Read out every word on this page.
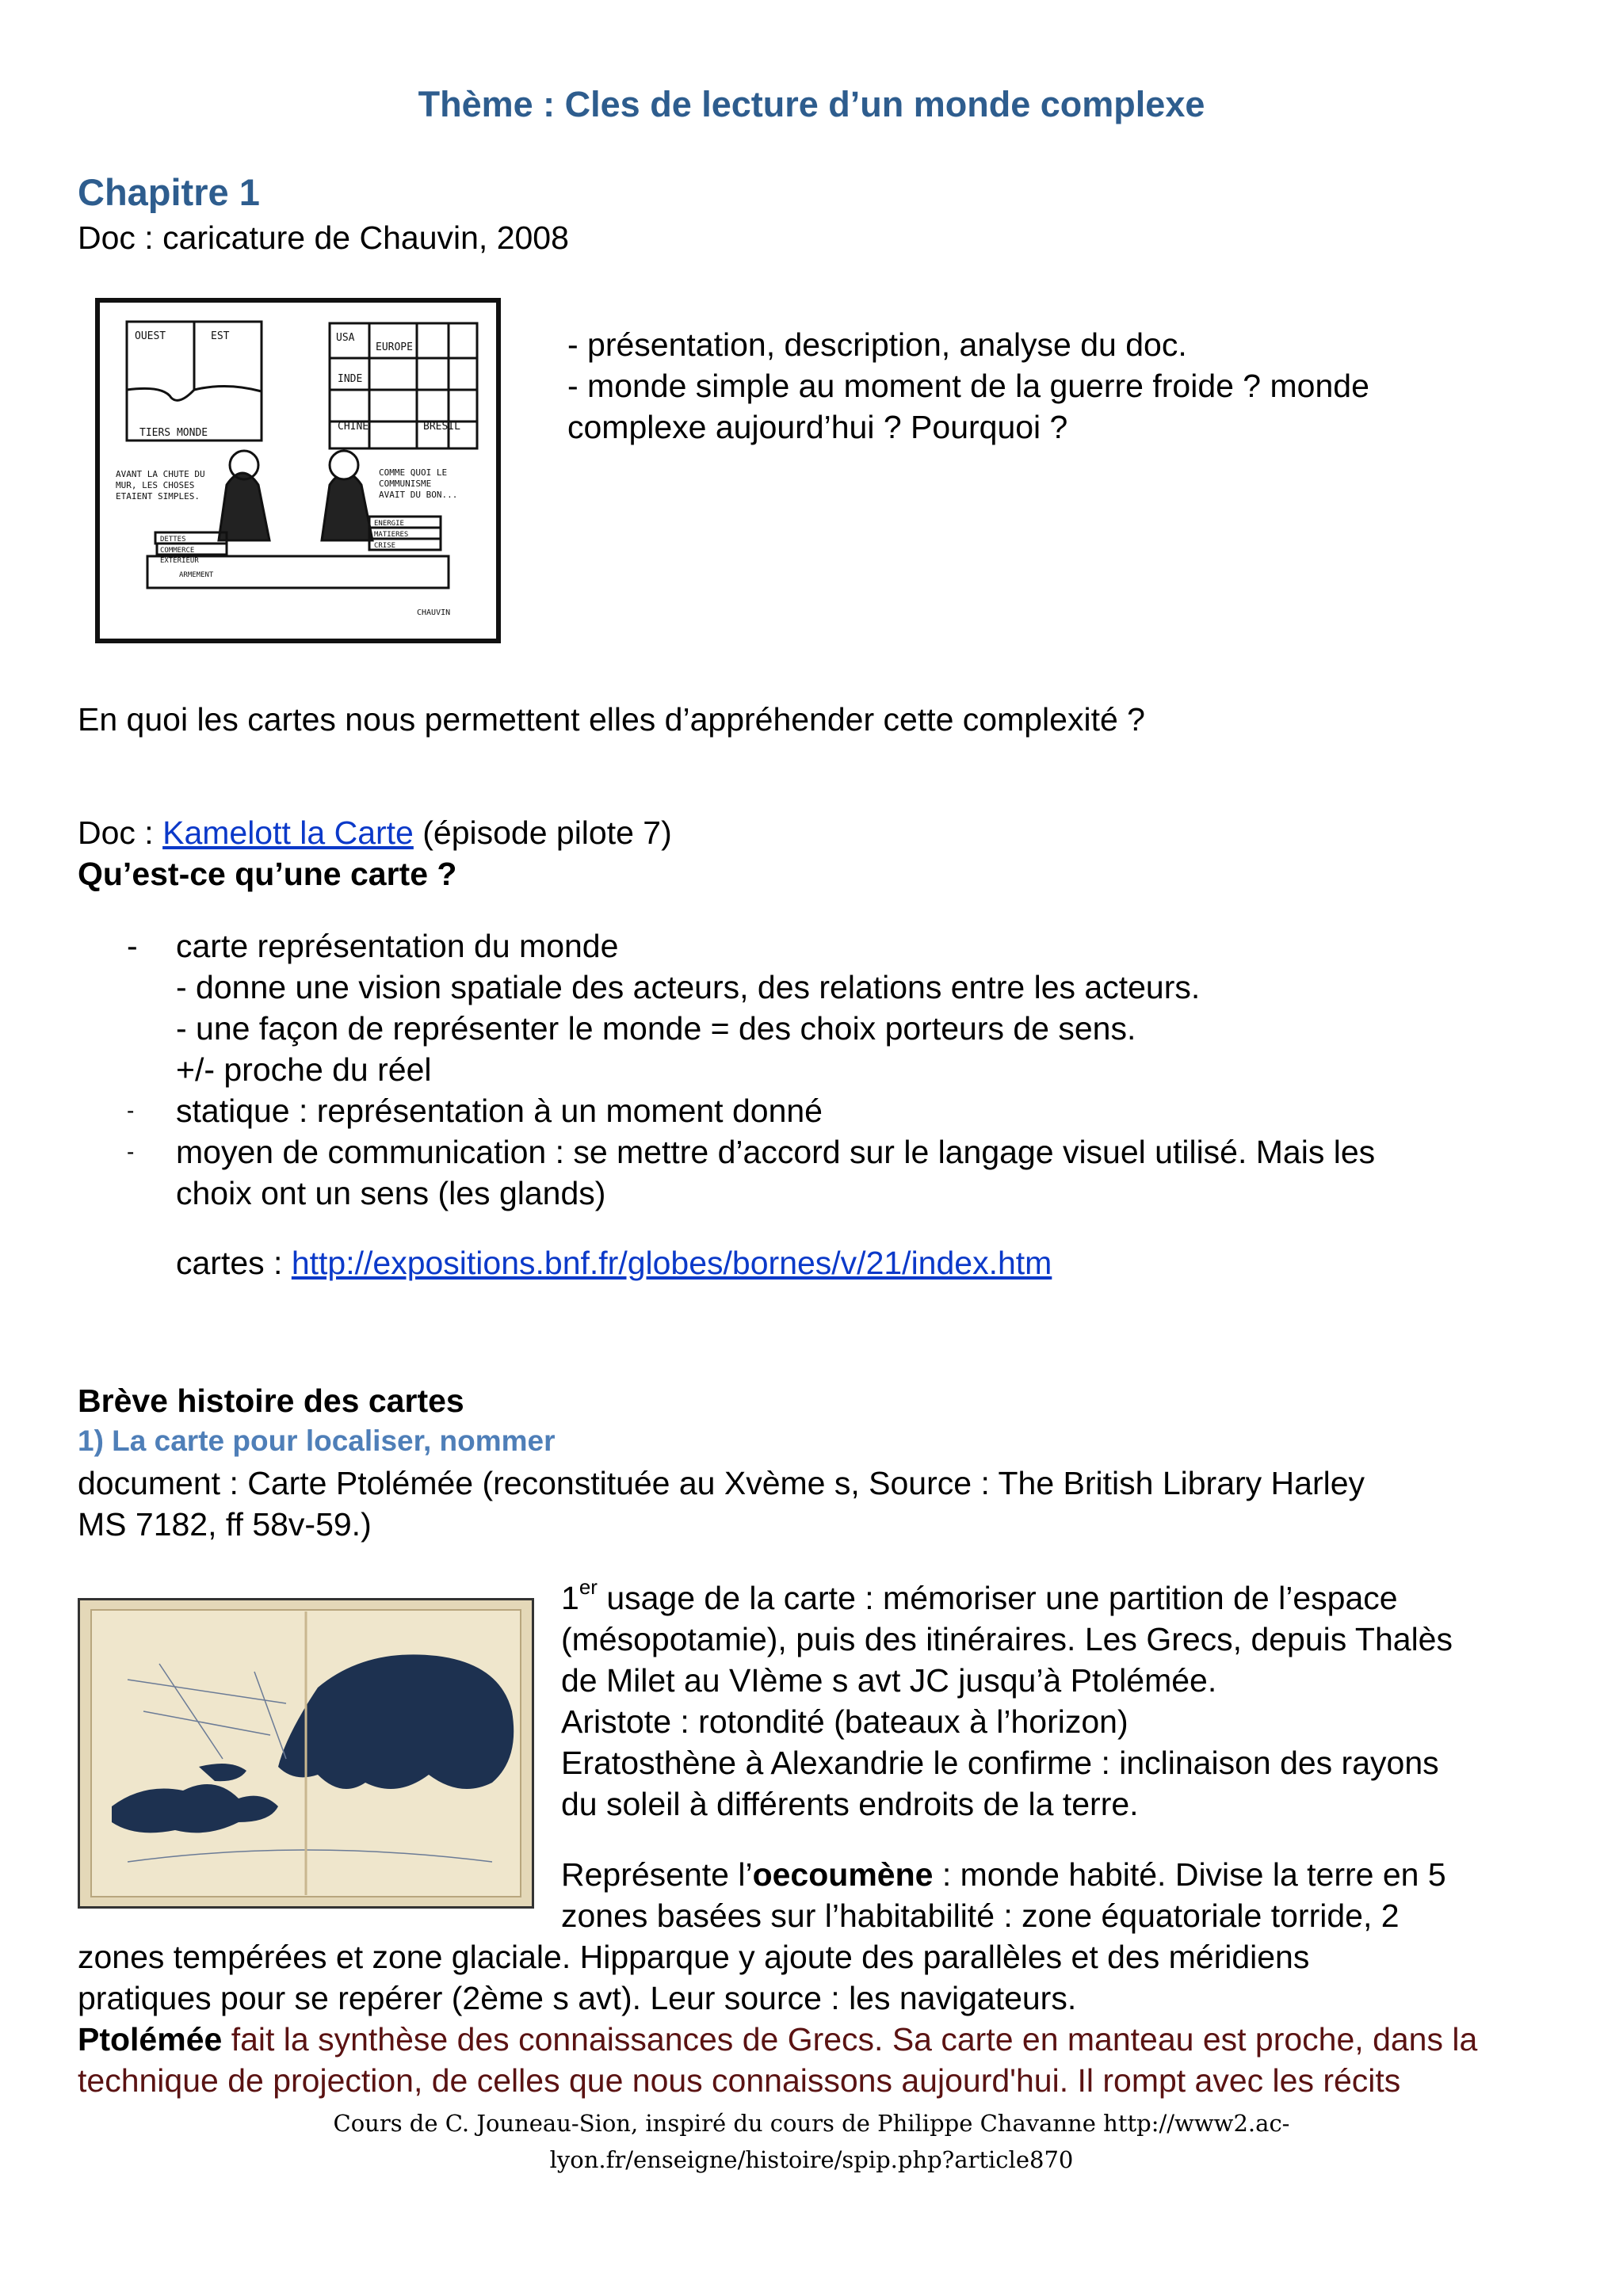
Thème : Cles de lecture d’un monde complexe
Chapitre 1
Doc : caricature de Chauvin, 2008
OUEST	EST	USA
EUROPE
INDE
CHINE	BRESIL
TIERS MONDE
AVANT LA CHUTE DU
MUR, LES CHOSES
ETAIENT SIMPLES.
COMME QUOI LE
COMMUNISME
AVAIT DU BON...
DETTES
COMMERCE
EXTERIEUR
ARMEMENT
ENERGIE
MATIERES
CRISE
CHAUVIN
- présentation, description, analyse du doc.
- monde simple au moment de la guerre froide ? monde
complexe aujourd’hui ? Pourquoi ?
En quoi les cartes nous permettent elles d’appréhender cette complexité ?
Doc : Kamelott la Carte (épisode pilote 7)
Qu’est-ce qu’une carte ?
- carte représentation du monde
- donne une vision spatiale des acteurs, des relations entre les acteurs.
- une façon de représenter le monde = des choix porteurs de sens.
+/- proche du réel
- statique : représentation à un moment donné
- moyen de communication : se mettre d’accord sur le langage visuel utilisé. Mais les
choix ont un sens (les glands)
cartes : http://expositions.bnf.fr/globes/bornes/v/21/index.htm
Brève histoire des cartes
1) La carte pour localiser, nommer
document : Carte Ptolémée (reconstituée au Xvème s, Source : The British Library Harley
MS 7182, ff 58v-59.)
1er usage de la carte : mémoriser une partition de l’espace
(mésopotamie), puis des itinéraires. Les Grecs, depuis Thalès
de Milet au VIème s avt JC jusqu’à Ptolémée.
Aristote : rotondité (bateaux à l’horizon)
Eratosthène à Alexandrie le confirme : inclinaison des rayons
du soleil à différents endroits de la terre.
Représente l’oecoumène : monde habité. Divise la terre en 5
zones basées sur l’habitabilité : zone équatoriale torride, 2
zones tempérées et zone glaciale. Hipparque y ajoute des parallèles et des méridiens
pratiques pour se repérer (2ème s avt). Leur source : les navigateurs.
Ptolémée fait la synthèse des connaissances de Grecs. Sa carte en manteau est proche, dans la
technique de projection, de celles que nous connaissons aujourd'hui. Il rompt avec les récits
Cours de C. Jouneau-Sion, inspiré du cours de Philippe Chavanne http://www2.ac-
lyon.fr/enseigne/histoire/spip.php?article870
